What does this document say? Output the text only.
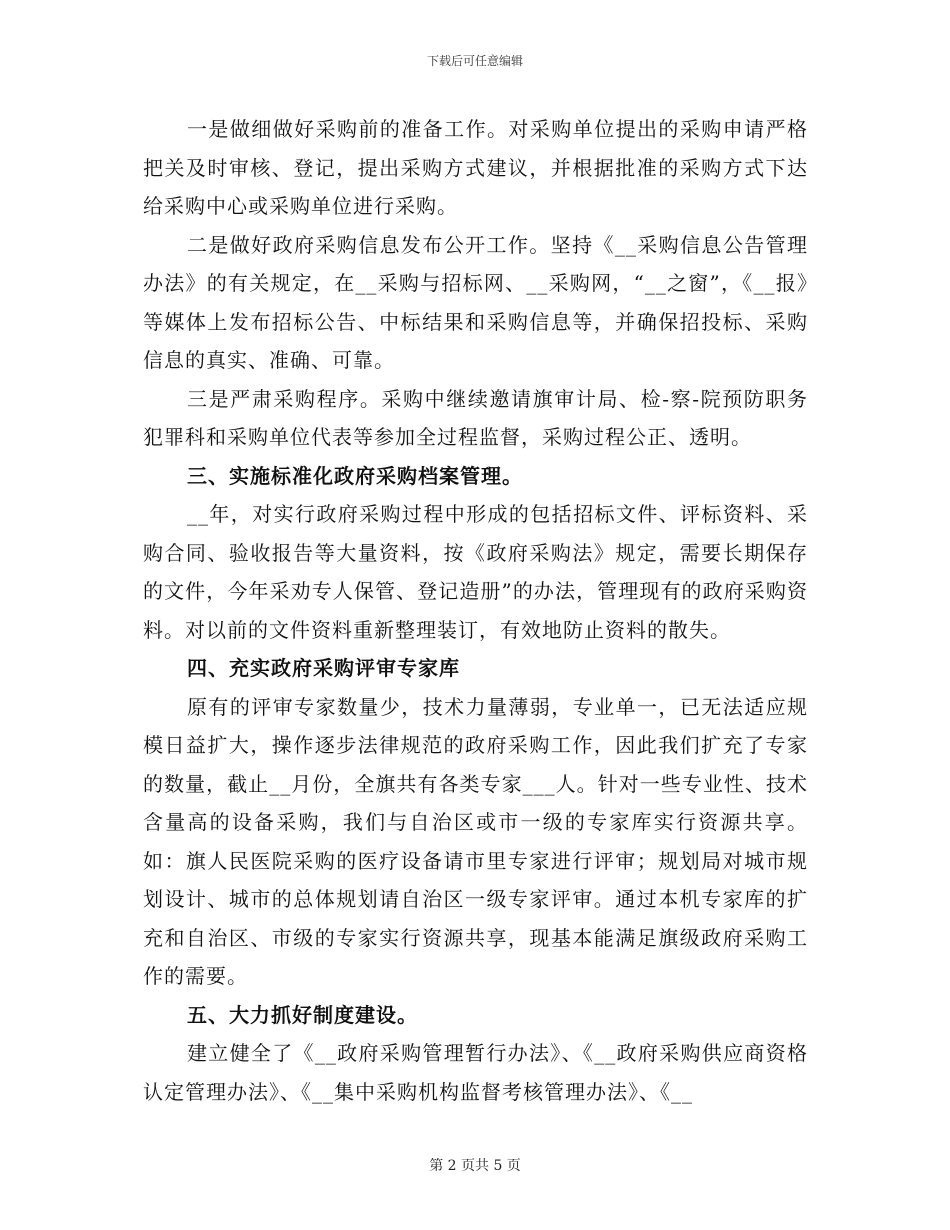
下载后可任意编辑

一是做细做好采购前的准备工作。对采购单位提出的采购申请严格把关及时审核、登记，提出采购方式建议，并根据批准的采购方式下达给采购中心或采购单位进行采购。

二是做好政府采购信息发布公开工作。坚持《__采购信息公告管理办法》的有关规定，在__采购与招标网、__采购网，“__之窗”，《__报》等媒体上发布招标公告、中标结果和采购信息等，并确保招投标、采购信息的真实、准确、可靠。

三是严肃采购程序。采购中继续邀请旗审计局、检-察-院预防职务犯罪科和采购单位代表等参加全过程监督，采购过程公正、透明。

三、实施标准化政府采购档案管理。

__年，对实行政府采购过程中形成的包括招标文件、评标资料、采购合同、验收报告等大量资料，按《政府采购法》规定，需要长期保存的文件，今年采劝专人保管、登记造册”的办法，管理现有的政府采购资料。对以前的文件资料重新整理装订，有效地防止资料的散失。

四、充实政府采购评审专家库

原有的评审专家数量少，技术力量薄弱，专业单一，已无法适应规模日益扩大，操作逐步法律规范的政府采购工作，因此我们扩充了专家的数量，截止__月份，全旗共有各类专家___人。针对一些专业性、技术含量高的设备采购，我们与自治区或市一级的专家库实行资源共享。如：旗人民医院采购的医疗设备请市里专家进行评审；规划局对城市规划设计、城市的总体规划请自治区一级专家评审。通过本机专家库的扩充和自治区、市级的专家实行资源共享，现基本能满足旗级政府采购工作的需要。

五、大力抓好制度建设。

建立健全了《__政府采购管理暂行办法》、《__政府采购供应商资格认定管理办法》、《__集中采购机构监督考核管理办法》、《__

第 2 页共 5 页
